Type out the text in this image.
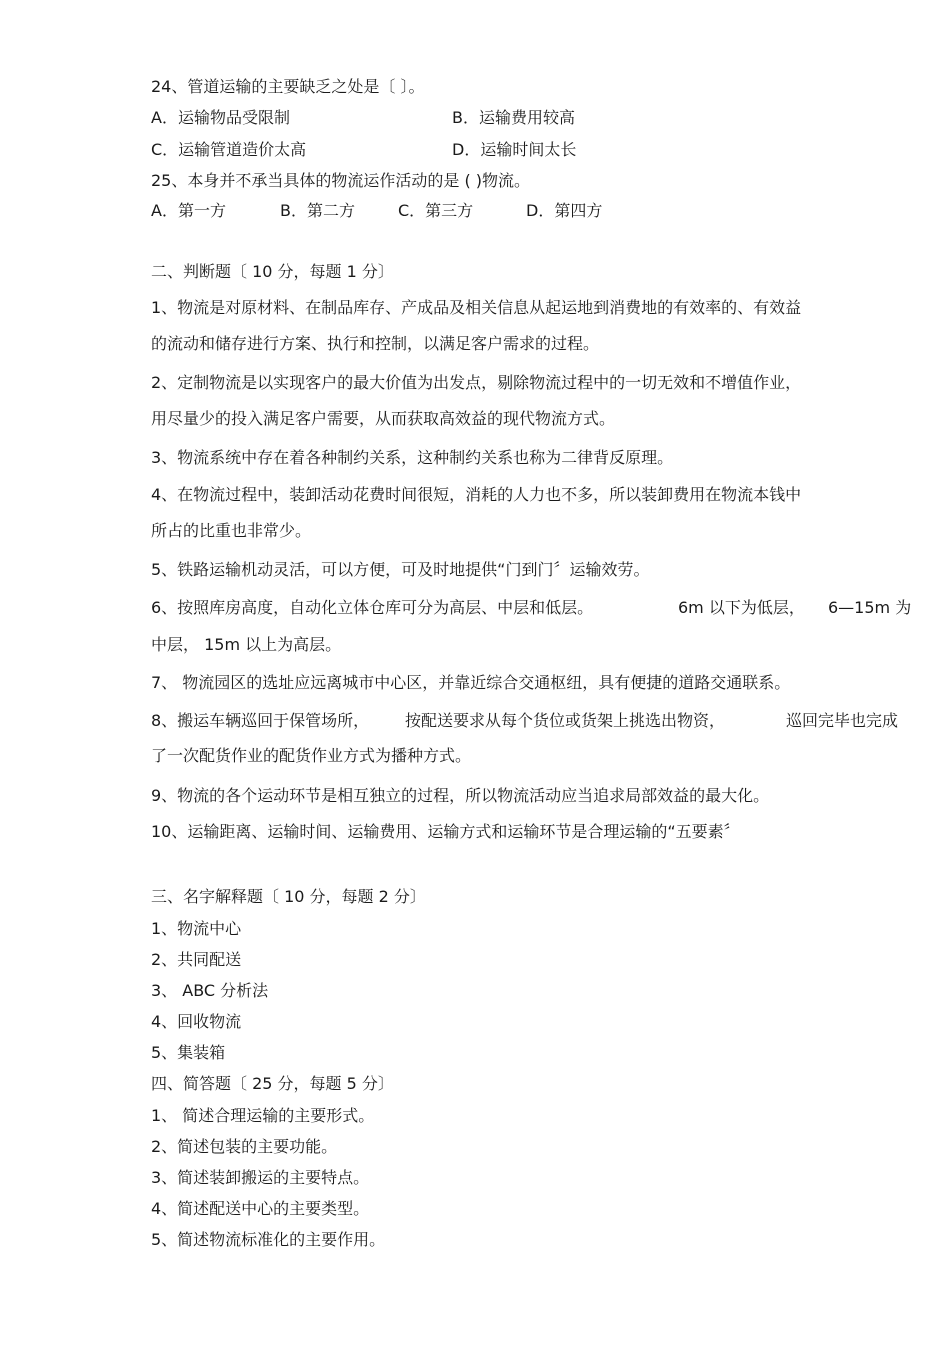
24、管道运输的主要缺乏之处是〔 〕。
A．运输物品受限制	B．运输费用较高
C．运输管道造价太高	D．运输时间太长
25、本身并不承当具体的物流运作活动的是 ( )物流。
A．第一方	B．第二方	C．第三方	D．第四方
二、判断题〔 10 分，每题 1 分〕
1、物流是对原材料、在制品库存、产成品及相关信息从起运地到消费地的有效率的、有效益
的流动和储存进行方案、执行和控制，以满足客户需求的过程。
2、定制物流是以实现客户的最大价值为出发点，剔除物流过程中的一切无效和不增值作业，
用尽量少的投入满足客户需要，从而获取高效益的现代物流方式。
3、物流系统中存在着各种制约关系，这种制约关系也称为二律背反原理。
4、在物流过程中，装卸活动花费时间很短，消耗的人力也不多，所以装卸费用在物流本钱中
所占的比重也非常少。
5、铁路运输机动灵活，可以方便，可及时地提供“门到门〞运输效劳。
6、按照库房高度，自动化立体仓库可分为高层、中层和低层。	6m 以下为低层， 6—15m 为
中层， 15m 以上为高层。
7、 物流园区的选址应远离城市中心区，并靠近综合交通枢纽，具有便捷的道路交通联系。
8、搬运车辆巡回于保管场所， 按配送要求从每个货位或货架上挑选出物资，	巡回完毕也完成
了一次配货作业的配货作业方式为播种方式。
9、物流的各个运动环节是相互独立的过程，所以物流活动应当追求局部效益的最大化。
10、运输距离、运输时间、运输费用、运输方式和运输环节是合理运输的“五要素〞
三、名字解释题〔 10 分，每题 2 分〕
1、物流中心
2、共同配送
3、 ABC 分析法
4、回收物流
5、集装箱
四、简答题〔 25 分，每题 5 分〕
1、 简述合理运输的主要形式。
2、简述包装的主要功能。
3、简述装卸搬运的主要特点。
4、简述配送中心的主要类型。
5、简述物流标准化的主要作用。
